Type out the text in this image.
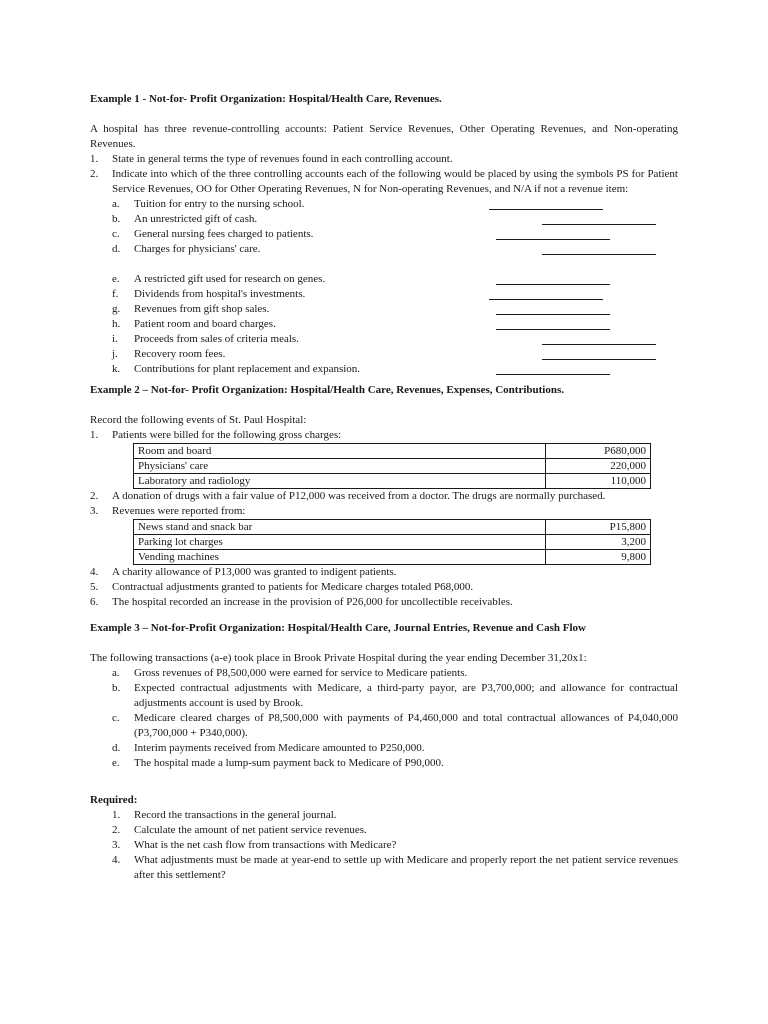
Example 1 - Not-for- Profit Organization: Hospital/Health Care, Revenues.

A hospital has three revenue-controlling accounts: Patient Service Revenues, Other Operating Revenues, and Non-operating Revenues.

1.	State in general terms the type of revenues found in each controlling account.
2.	Indicate into which of the three controlling accounts each of the following would be placed by using the symbols PS for Patient Service Revenues, OO for Other Operating Revenues, N for Non-operating Revenues, and N/A if not a revenue item:
a.	Tuition for entry to the nursing school.
b.	An unrestricted gift of cash.
c.	General nursing fees charged to patients.
d.	Charges for physicians' care.
e.	A restricted gift used for research on genes.
f.	Dividends from hospital's investments.
g.	Revenues from gift shop sales.
h.	Patient room and board charges.
i.	Proceeds from sales of criteria meals.
j.	Recovery room fees.
k.	Contributions for plant replacement and expansion.

Example 2 – Not-for- Profit Organization: Hospital/Health Care, Revenues, Expenses, Contributions.

Record the following events of St. Paul Hospital:

1.	Patients were billed for the following gross charges:
Room and board	P680,000
Physicians' care	220,000
Laboratory and radiology	110,000
2.	A donation of drugs with a fair value of P12,000 was received from a doctor. The drugs are normally purchased.
3.	Revenues were reported from:
News stand and snack bar	P15,800
Parking lot charges	3,200
Vending machines	9,800
4.	A charity allowance of P13,000 was granted to indigent patients.
5.	Contractual adjustments granted to patients for Medicare charges totaled P68,000.
6.	The hospital recorded an increase in the provision of P26,000 for uncollectible receivables.

Example 3 – Not-for-Profit Organization: Hospital/Health Care, Journal Entries, Revenue and Cash Flow

The following transactions (a-e) took place in Brook Private Hospital during the year ending December 31,20x1:

a.	Gross revenues of P8,500,000 were earned for service to Medicare patients.
b.	Expected contractual adjustments with Medicare, a third-party payor, are P3,700,000; and allowance for contractual adjustments account is used by Brook.
c.	Medicare cleared charges of P8,500,000 with payments of P4,460,000 and total contractual allowances of P4,040,000 (P3,700,000 + P340,000).
d.	Interim payments received from Medicare amounted to P250,000.
e.	The hospital made a lump-sum payment back to Medicare of P90,000.

Required:

1.	Record the transactions in the general journal.
2.	Calculate the amount of net patient service revenues.
3.	What is the net cash flow from transactions with Medicare?
4.	What adjustments must be made at year-end to settle up with Medicare and properly report the net patient service revenues after this settlement?
